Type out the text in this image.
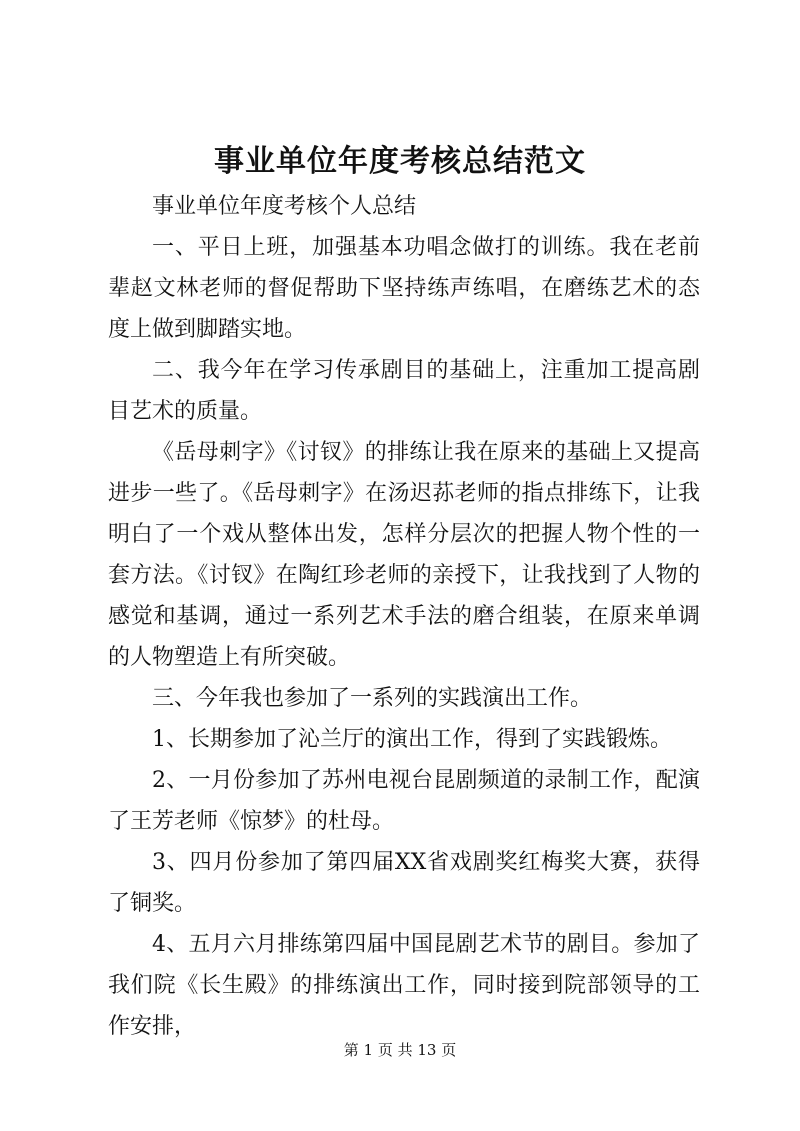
事业单位年度考核总结范文

事业单位年度考核个人总结

一、平日上班，加强基本功唱念做打的训练。我在老前辈赵文林老师的督促帮助下坚持练声练唱，在磨练艺术的态度上做到脚踏实地。

二、我今年在学习传承剧目的基础上，注重加工提高剧目艺术的质量。

《岳母刺字》《讨钗》的排练让我在原来的基础上又提高进步一些了。《岳母刺字》在汤迟荪老师的指点排练下，让我明白了一个戏从整体出发，怎样分层次的把握人物个性的一套方法。《讨钗》在陶红珍老师的亲授下，让我找到了人物的感觉和基调，通过一系列艺术手法的磨合组装，在原来单调的人物塑造上有所突破。

三、今年我也参加了一系列的实践演出工作。

1、长期参加了沁兰厅的演出工作，得到了实践锻炼。

2、一月份参加了苏州电视台昆剧频道的录制工作，配演了王芳老师《惊梦》的杜母。

3、四月份参加了第四届XX省戏剧奖红梅奖大赛，获得了铜奖。

4、五月六月排练第四届中国昆剧艺术节的剧目。参加了我们院《长生殿》的排练演出工作，同时接到院部领导的工作安排，

第 1 页 共 13 页
